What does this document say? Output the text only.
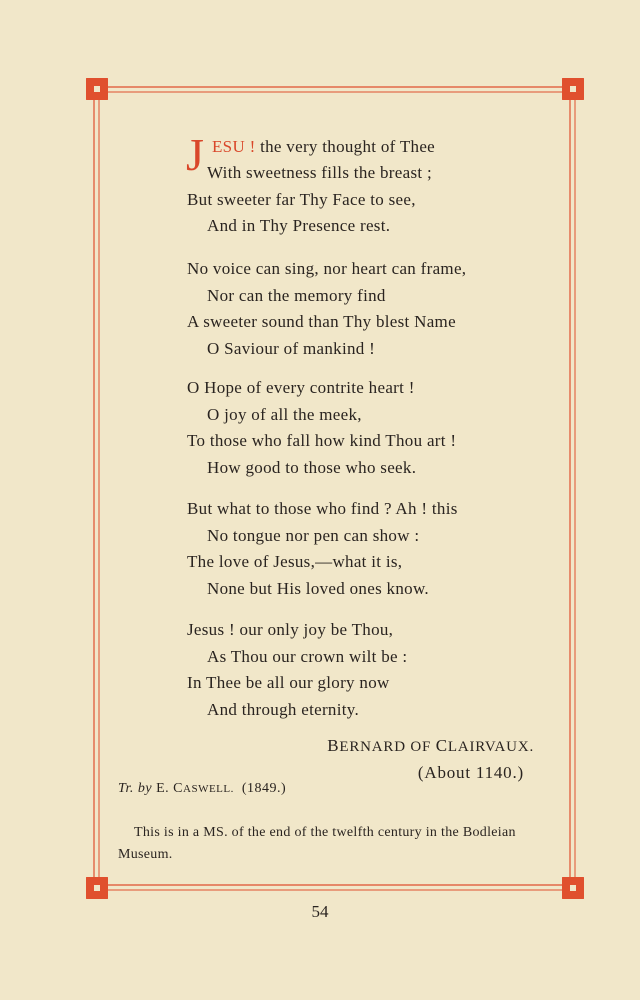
J ESU ! the very thought of Thee
With sweetness fills the breast ;
But sweeter far Thy Face to see,
And in Thy Presence rest.
No voice can sing, nor heart can frame,
Nor can the memory find
A sweeter sound than Thy blest Name
O Saviour of mankind !
O Hope of every contrite heart !
O joy of all the meek,
To those who fall how kind Thou art !
How good to those who seek.
But what to those who find ? Ah ! this
No tongue nor pen can show :
The love of Jesus,—what it is,
None but His loved ones know.
Jesus ! our only joy be Thou,
As Thou our crown wilt be :
In Thee be all our glory now
And through eternity.
BERNARD OF CLAIRVAUX.
(About 1140.)
Tr. by E. CASWELL. (1849.)
This is in a MS. of the end of the twelfth century in the Bodleian Museum.
54
